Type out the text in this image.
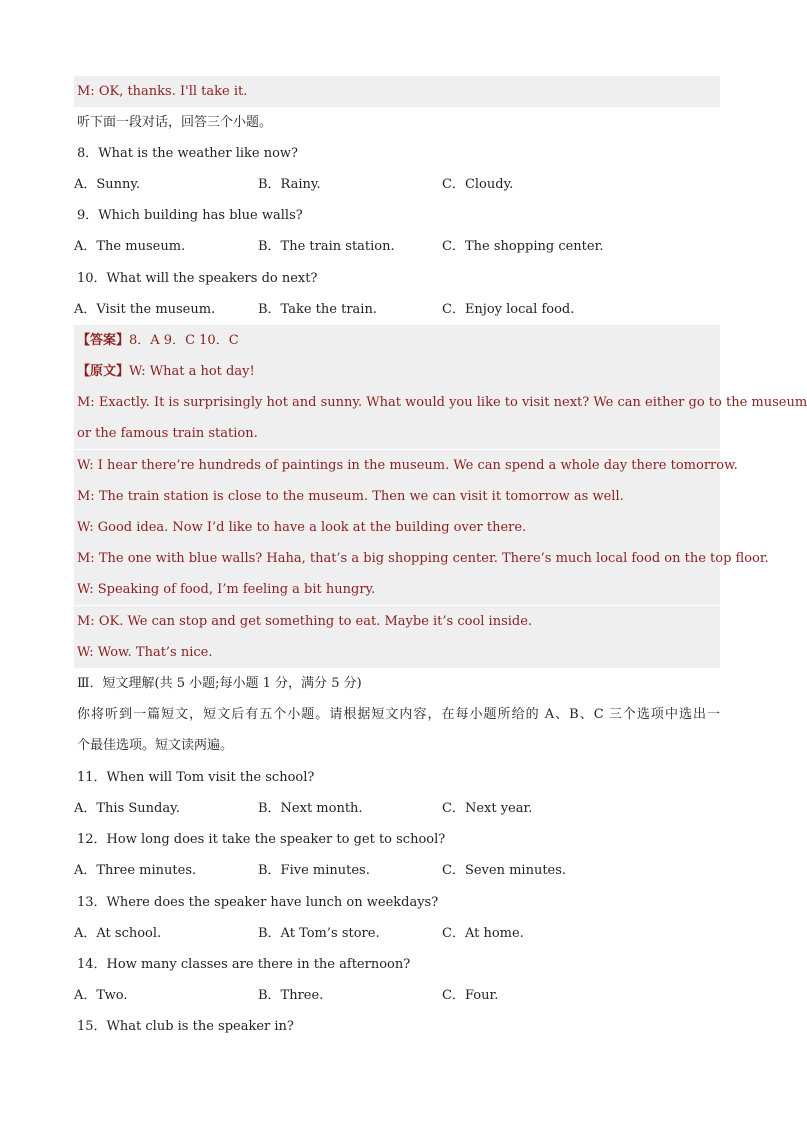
M: OK, thanks. I'll take it.
听下面一段对话，回答三个小题。
8．What is the weather like now?
A．Sunny.	B．Rainy.	C．Cloudy.
9．Which building has blue walls?
A．The museum.	B．The train station.	C．The shopping center.
10．What will the speakers do next?
A．Visit the museum.	B．Take the train.	C．Enjoy local food.
【答案】8．A 9．C 10．C
【原文】W: What a hot day!
M: Exactly. It is surprisingly hot and sunny. What would you like to visit next? We can either go to the museum
or the famous train station.
W: I hear there’re hundreds of paintings in the museum. We can spend a whole day there tomorrow.
M: The train station is close to the museum. Then we can visit it tomorrow as well.
W: Good idea. Now I’d like to have a look at the building over there.
M: The one with blue walls? Haha, that’s a big shopping center. There’s much local food on the top floor.
W: Speaking of food, I’m feeling a bit hungry.
M: OK. We can stop and get something to eat. Maybe it’s cool inside.
W: Wow. That’s nice.
Ⅲ．短文理解(共 5 小题;每小题 1 分，满分 5 分)
你将听到一篇短文，短文后有五个小题。请根据短文内容，在每小题所给的 A、B、C 三个选项中选出一
个最佳选项。短文读两遍。
11．When will Tom visit the school?
A．This Sunday.	B．Next month.	C．Next year.
12．How long does it take the speaker to get to school?
A．Three minutes.	B．Five minutes.	C．Seven minutes.
13．Where does the speaker have lunch on weekdays?
A．At school.	B．At Tom’s store.	C．At home.
14．How many classes are there in the afternoon?
A．Two.	B．Three.	C．Four.
15．What club is the speaker in?
